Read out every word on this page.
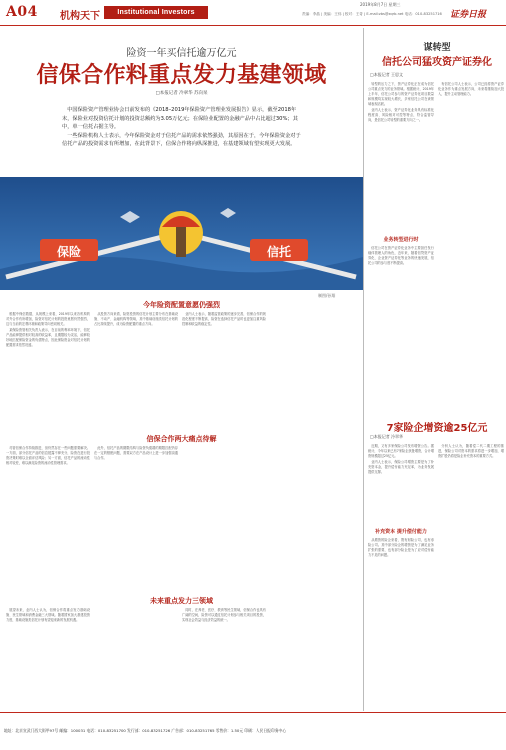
A04 机构天下	Institutional Investors
2019年8月7日 星期三
责编：李晶 | 美编：王伟 | 校对：王奇 | E-mail:zbs@zqrb.net 电话：010-83251716 证券日报
险资一年买信托逾万亿元
信保合作料重点发力基建领域
□本报记者 冷翠华 苏向杲

中国保险资产管理业协会日前发布的《2018–2019年保险资产管理业发展报告》显示，截至2018年末，保险业对投资信托计划的投资总额约为3.05万亿元；在保险业配置的金融产品中占比超过30%；其中，单一信托占据主导。

一些保险机构人士表示，今年保险资金对于信托产品的需求依然强劲，其原因在于，今年保险资金对于信托产品的投资需求有所增加，在此背景下，信保合作将向纵深推进，在基建领域有望实现更大发展。

保险	信托
制图/孙翔
今年险资配置意愿仍强烈

根据中保信数据，从规模上来看，2019年以来各机构的对外合作有所增加，险资对信托计划的投资意愿仍然强烈，这与当前的宏观环境和政策导向密切相关。

某保险资管相关负责人表示，在目前的利率环境下，信托产品能够提供相对较高的收益率，且期限较为灵活，能够较好地匹配保险资金的负债特点，因此保险资金对信托计划的配置需求依然旺盛。

从投资方向来看，险资投资的信托计划主要分布在基础设施、不动产、金融机构等领域，其中基础设施类信托计划的占比持续提升，成为险资配置的重点方向。

业内人士表示，随着监管政策的逐步完善，信保合作的规范化程度不断提高，险资在选择信托产品时也更加注重风险控制和收益的稳定性。

信保合作两大痛点待解

尽管信保合作持续推进，但仍然存在一些问题需要解决。一方面，部分信托产品的信息披露不够充分，险资在进行投资决策时难以全面评估风险；另一方面，信托产品的流动性相对较差，难以满足险资的流动性管理需求。

此外，信托产品的期限结构与险资负债端的期限匹配仍存在一定的错配问题，需要双方在产品设计上进一步加强沟通与合作。

未来重点发力三领域

展望未来，业内人士认为，信保合作将重点发力基础设施、民生领域和消费金融三大领域。随着国家加大基建投资力度，基础设施类信托计划有望迎来新的发展机遇。

同时，在养老、医疗、教育等民生领域，信保合作也具有广阔的空间，险资可以通过信托计划参与相关项目的投资，实现社会效益与经济效益的统一。

谋转型
信托公司猛攻资产证券化
□本报记者 王思文

转型的压力之下，资产证券化正在成为信托公司重点发力的业务领域。根据统计，2019年上半年，信托公司参与的资产证券化项目数量和规模均实现较大增长，多家信托公司在该领域表现活跃。

业内人士表示，资产证券化业务具有标准化程度高、风险相对可控等特点，符合监管导向，是信托公司转型的重要方向之一。

业务转型进行时

信托公司在资产证券化业务中主要担任发行载体管理人的角色，近年来，随着信贷资产证券化、企业资产证券化等业务的快速发展，信托公司的参与度不断提高。

有信托公司人士表示，公司已经将资产证券化业务作为重点发展方向，未来将继续加大投入，提升主动管理能力。

7家险企增资逾25亿元
□本报记者 冷翠华

近期，又有多家保险公司发布增资公告。据统计，今年以来已有7家险企获批增资，合计增资规模超过25亿元。

业内人士表示，保险公司增资主要是为了补充资本金，提升偿付能力充足率，为业务发展提供支撑。

补充资本 提升偿付能力

从增资的险企来看，既有财险公司，也有寿险公司。其中部分险企的增资是为了满足业务扩张的需要，也有部分险企是为了应对偿付能力不足的问题。

分析人士认为，随着偿二代二期工程的推进，保险公司对资本的需求将进一步增加，增资扩股仍将是险企补充资本的重要方式。

地址：北京宣武门西大街甲97号 邮编：100031 电话：010-83251700 发行部：010-83251726 广告部：010-83251765 零售价：1.50元 印刷：人民日报印务中心
